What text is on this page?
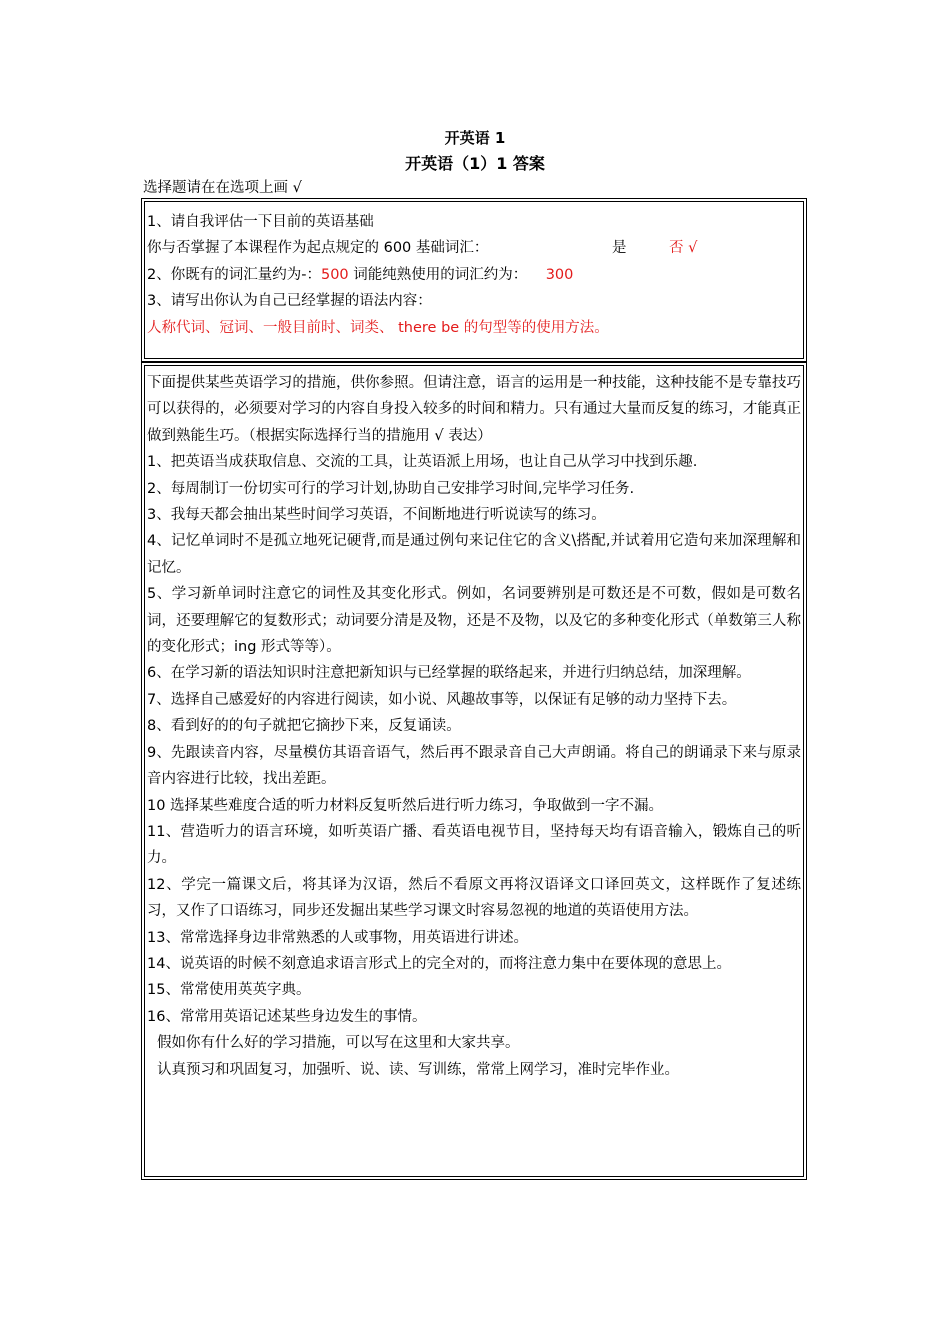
开英语 1
开英语（1）1 答案
选择题请在在选项上画 √
1、请自我评估一下目前的英语基础
你与否掌握了本课程作为起点规定的 600 基础词汇：	是	否 √
2、你既有的词汇量约为-：500 词能纯熟使用的词汇约为： 300
3、请写出你认为自己已经掌握的语法内容：
人称代词、冠词、一般目前时、词类、 there be 的句型等的使用方法。
下面提供某些英语学习的措施，供你参照。但请注意，语言的运用是一种技能，这种技能不是专靠技巧可以获得的，必须要对学习的内容自身投入较多的时间和精力。只有通过大量而反复的练习，才能真正做到熟能生巧。（根据实际选择行当的措施用 √ 表达）
1、把英语当成获取信息、交流的工具，让英语派上用场，也让自己从学习中找到乐趣.
2、每周制订一份切实可行的学习计划,协助自己安排学习时间,完毕学习任务.
3、我每天都会抽出某些时间学习英语，不间断地进行听说读写的练习。
4、记忆单词时不是孤立地死记硬背,而是通过例句来记住它的含义\搭配,并试着用它造句来加深理解和记忆。
5、学习新单词时注意它的词性及其变化形式。例如，名词要辨别是可数还是不可数，假如是可数名词，还要理解它的复数形式；动词要分清是及物，还是不及物，以及它的多种变化形式（单数第三人称的变化形式；ing 形式等等）。
6、在学习新的语法知识时注意把新知识与已经掌握的联络起来，并进行归纳总结，加深理解。
7、选择自己感爱好的内容进行阅读，如小说、风趣故事等，以保证有足够的动力坚持下去。
8、看到好的的句子就把它摘抄下来，反复诵读。
9、先跟读音内容，尽量模仿其语音语气，然后再不跟录音自己大声朗诵。将自己的朗诵录下来与原录音内容进行比较，找出差距。
10 选择某些难度合适的听力材料反复听然后进行听力练习，争取做到一字不漏。
11、营造听力的语言环境，如听英语广播、看英语电视节目，坚持每天均有语音输入，锻炼自己的听力。
12、学完一篇课文后，将其译为汉语，然后不看原文再将汉语译文口译回英文，这样既作了复述练习，又作了口语练习，同步还发掘出某些学习课文时容易忽视的地道的英语使用方法。
13、常常选择身边非常熟悉的人或事物，用英语进行讲述。
14、说英语的时候不刻意追求语言形式上的完全对的，而将注意力集中在要体现的意思上。
15、常常使用英英字典。
16、常常用英语记述某些身边发生的事情。
假如你有什么好的学习措施，可以写在这里和大家共享。
认真预习和巩固复习，加强听、说、读、写训练，常常上网学习，准时完毕作业。
